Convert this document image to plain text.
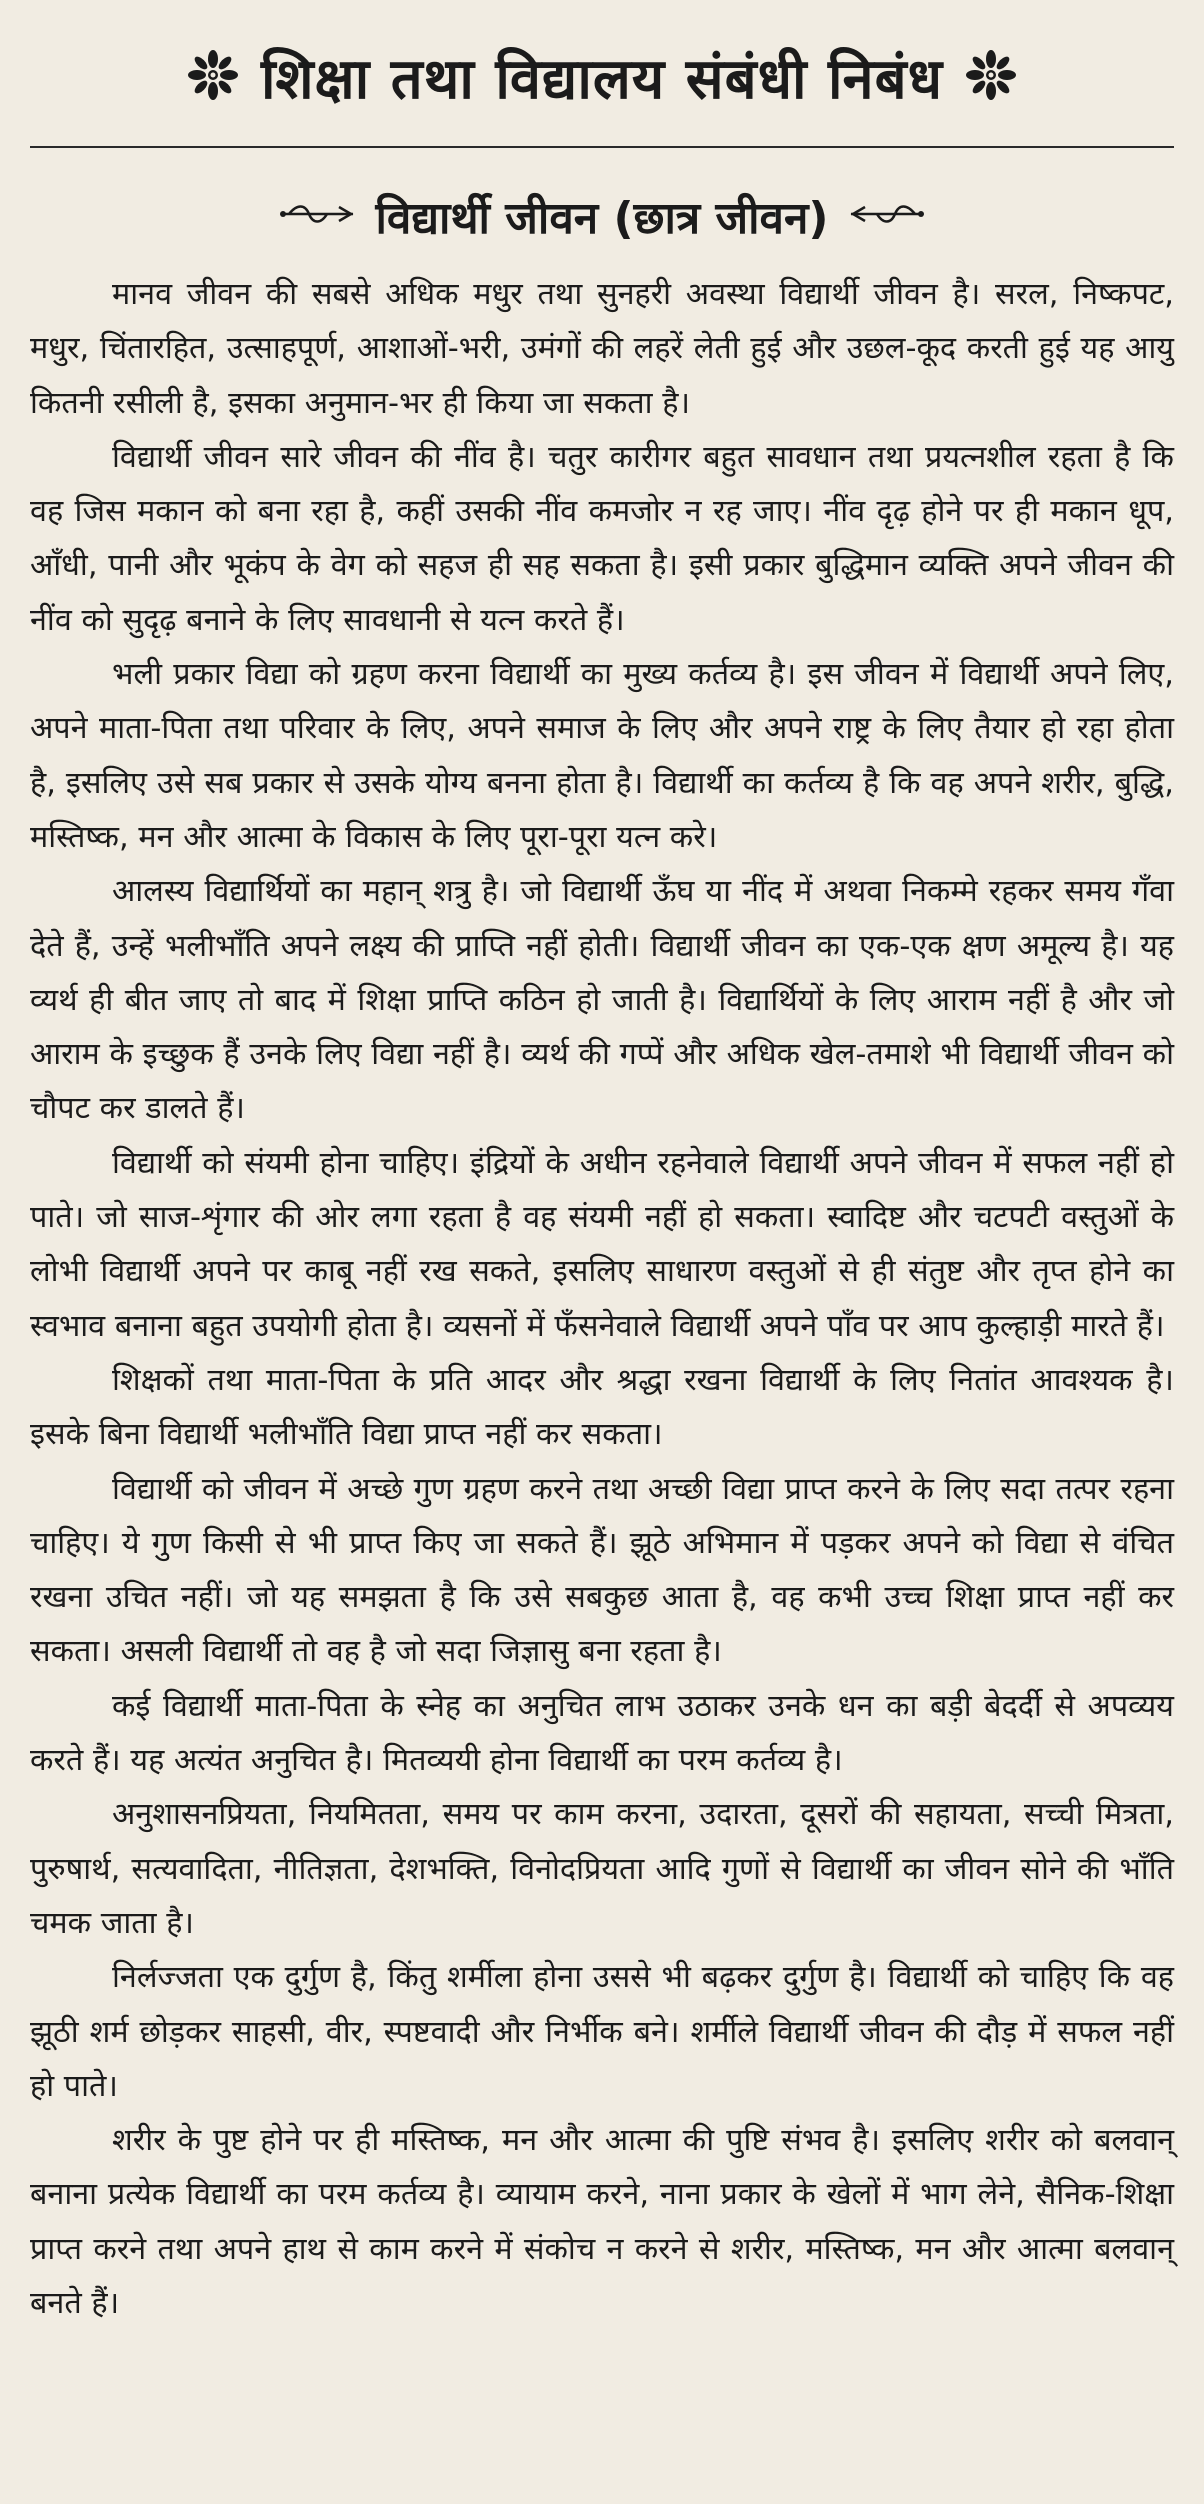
शिक्षा तथा विद्यालय संबंधी निबंध
विद्यार्थी जीवन (छात्र जीवन)

मानव जीवन की सबसे अधिक मधुर तथा सुनहरी अवस्था विद्यार्थी जीवन है। सरल, निष्कपट, मधुर, चिंतारहित, उत्साहपूर्ण, आशाओं-भरी, उमंगों की लहरें लेती हुई और उछल-कूद करती हुई यह आयु कितनी रसीली है, इसका अनुमान-भर ही किया जा सकता है।

विद्यार्थी जीवन सारे जीवन की नींव है। चतुर कारीगर बहुत सावधान तथा प्रयत्नशील रहता है कि वह जिस मकान को बना रहा है, कहीं उसकी नींव कमजोर न रह जाए। नींव दृढ़ होने पर ही मकान धूप, आँधी, पानी और भूकंप के वेग को सहज ही सह सकता है। इसी प्रकार बुद्धिमान व्यक्ति अपने जीवन की नींव को सुदृढ़ बनाने के लिए सावधानी से यत्न करते हैं।

भली प्रकार विद्या को ग्रहण करना विद्यार्थी का मुख्य कर्तव्य है। इस जीवन में विद्यार्थी अपने लिए, अपने माता-पिता तथा परिवार के लिए, अपने समाज के लिए और अपने राष्ट्र के लिए तैयार हो रहा होता है, इसलिए उसे सब प्रकार से उसके योग्य बनना होता है। विद्यार्थी का कर्तव्य है कि वह अपने शरीर, बुद्धि, मस्तिष्क, मन और आत्मा के विकास के लिए पूरा-पूरा यत्न करे।

आलस्य विद्यार्थियों का महान् शत्रु है। जो विद्यार्थी ऊँघ या नींद में अथवा निकम्मे रहकर समय गँवा देते हैं, उन्हें भलीभाँति अपने लक्ष्य की प्राप्ति नहीं होती। विद्यार्थी जीवन का एक-एक क्षण अमूल्य है। यह व्यर्थ ही बीत जाए तो बाद में शिक्षा प्राप्ति कठिन हो जाती है। विद्यार्थियों के लिए आराम नहीं है और जो आराम के इच्छुक हैं उनके लिए विद्या नहीं है। व्यर्थ की गप्पें और अधिक खेल-तमाशे भी विद्यार्थी जीवन को चौपट कर डालते हैं।

विद्यार्थी को संयमी होना चाहिए। इंद्रियों के अधीन रहनेवाले विद्यार्थी अपने जीवन में सफल नहीं हो पाते। जो साज-शृंगार की ओर लगा रहता है वह संयमी नहीं हो सकता। स्वादिष्ट और चटपटी वस्तुओं के लोभी विद्यार्थी अपने पर काबू नहीं रख सकते, इसलिए साधारण वस्तुओं से ही संतुष्ट और तृप्त होने का स्वभाव बनाना बहुत उपयोगी होता है। व्यसनों में फँसनेवाले विद्यार्थी अपने पाँव पर आप कुल्हाड़ी मारते हैं।

शिक्षकों तथा माता-पिता के प्रति आदर और श्रद्धा रखना विद्यार्थी के लिए नितांत आवश्यक है। इसके बिना विद्यार्थी भलीभाँति विद्या प्राप्त नहीं कर सकता।

विद्यार्थी को जीवन में अच्छे गुण ग्रहण करने तथा अच्छी विद्या प्राप्त करने के लिए सदा तत्पर रहना चाहिए। ये गुण किसी से भी प्राप्त किए जा सकते हैं। झूठे अभिमान में पड़कर अपने को विद्या से वंचित रखना उचित नहीं। जो यह समझता है कि उसे सबकुछ आता है, वह कभी उच्च शिक्षा प्राप्त नहीं कर सकता। असली विद्यार्थी तो वह है जो सदा जिज्ञासु बना रहता है।

कई विद्यार्थी माता-पिता के स्नेह का अनुचित लाभ उठाकर उनके धन का बड़ी बेदर्दी से अपव्यय करते हैं। यह अत्यंत अनुचित है। मितव्ययी होना विद्यार्थी का परम कर्तव्य है।

अनुशासनप्रियता, नियमितता, समय पर काम करना, उदारता, दूसरों की सहायता, सच्ची मित्रता, पुरुषार्थ, सत्यवादिता, नीतिज्ञता, देशभक्ति, विनोदप्रियता आदि गुणों से विद्यार्थी का जीवन सोने की भाँति चमक जाता है।

निर्लज्जता एक दुर्गुण है, किंतु शर्मीला होना उससे भी बढ़कर दुर्गुण है। विद्यार्थी को चाहिए कि वह झूठी शर्म छोड़कर साहसी, वीर, स्पष्टवादी और निर्भीक बने। शर्मीले विद्यार्थी जीवन की दौड़ में सफल नहीं हो पाते।

शरीर के पुष्ट होने पर ही मस्तिष्क, मन और आत्मा की पुष्टि संभव है। इसलिए शरीर को बलवान् बनाना प्रत्येक विद्यार्थी का परम कर्तव्य है। व्यायाम करने, नाना प्रकार के खेलों में भाग लेने, सैनिक-शिक्षा प्राप्त करने तथा अपने हाथ से काम करने में संकोच न करने से शरीर, मस्तिष्क, मन और आत्मा बलवान् बनते हैं।
